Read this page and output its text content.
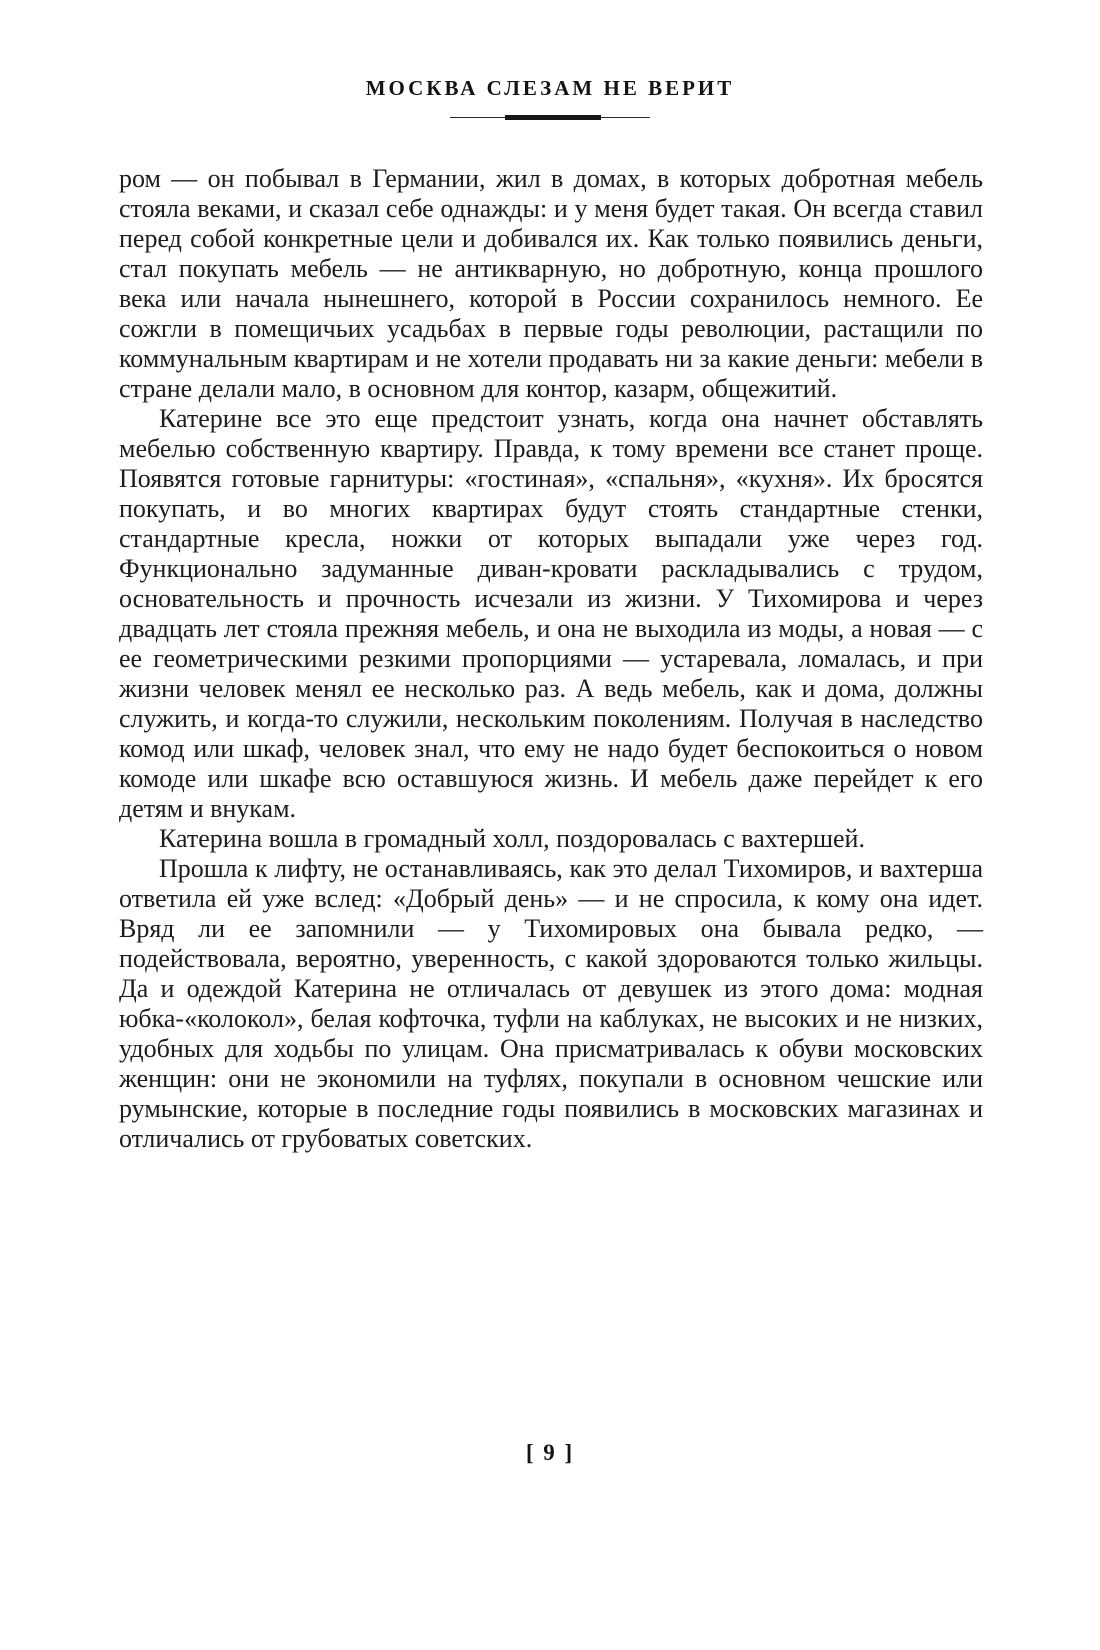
МОСКВА СЛЕЗАМ НЕ ВЕРИТ

ром — он побывал в Германии, жил в домах, в которых добротная мебель стояла веками, и сказал себе однажды: и у меня будет такая. Он всегда ставил перед собой конкретные цели и добивался их. Как только появились деньги, стал покупать мебель — не антикварную, но добротную, конца прошлого века или начала нынешнего, которой в России сохранилось немного. Ее сожгли в помещичьих усадьбах в первые годы революции, растащили по коммунальным квартирам и не хотели продавать ни за какие деньги: мебели в стране делали мало, в основном для контор, казарм, общежитий.

Катерине все это еще предстоит узнать, когда она начнет обставлять мебелью собственную квартиру. Правда, к тому времени все станет проще. Появятся готовые гарнитуры: «гостиная», «спальня», «кухня». Их бросятся покупать, и во многих квартирах будут стоять стандартные стенки, стандартные кресла, ножки от которых выпадали уже через год. Функционально задуманные диван-кровати раскладывались с трудом, основательность и прочность исчезали из жизни. У Тихомирова и через двадцать лет стояла прежняя мебель, и она не выходила из моды, а новая — с ее геометрическими резкими пропорциями — устаревала, ломалась, и при жизни человек менял ее несколько раз. А ведь мебель, как и дома, должны служить, и когда-то служили, нескольким поколениям. Получая в наследство комод или шкаф, человек знал, что ему не надо будет беспокоиться о новом комоде или шкафе всю оставшуюся жизнь. И мебель даже перейдет к его детям и внукам.

Катерина вошла в громадный холл, поздоровалась с вахтершей.

Прошла к лифту, не останавливаясь, как это делал Тихомиров, и вахтерша ответила ей уже вслед: «Добрый день» — и не спросила, к кому она идет. Вряд ли ее запомнили — у Тихомировых она бывала редко, — подействовала, вероятно, уверенность, с какой здороваются только жильцы. Да и одеждой Катерина не отличалась от девушек из этого дома: модная юбка-«колокол», белая кофточка, туфли на каблуках, не высоких и не низких, удобных для ходьбы по улицам. Она присматривалась к обуви московских женщин: они не экономили на туфлях, покупали в основном чешские или румынские, которые в последние годы появились в московских магазинах и отличались от грубоватых советских.

[ 9 ]
